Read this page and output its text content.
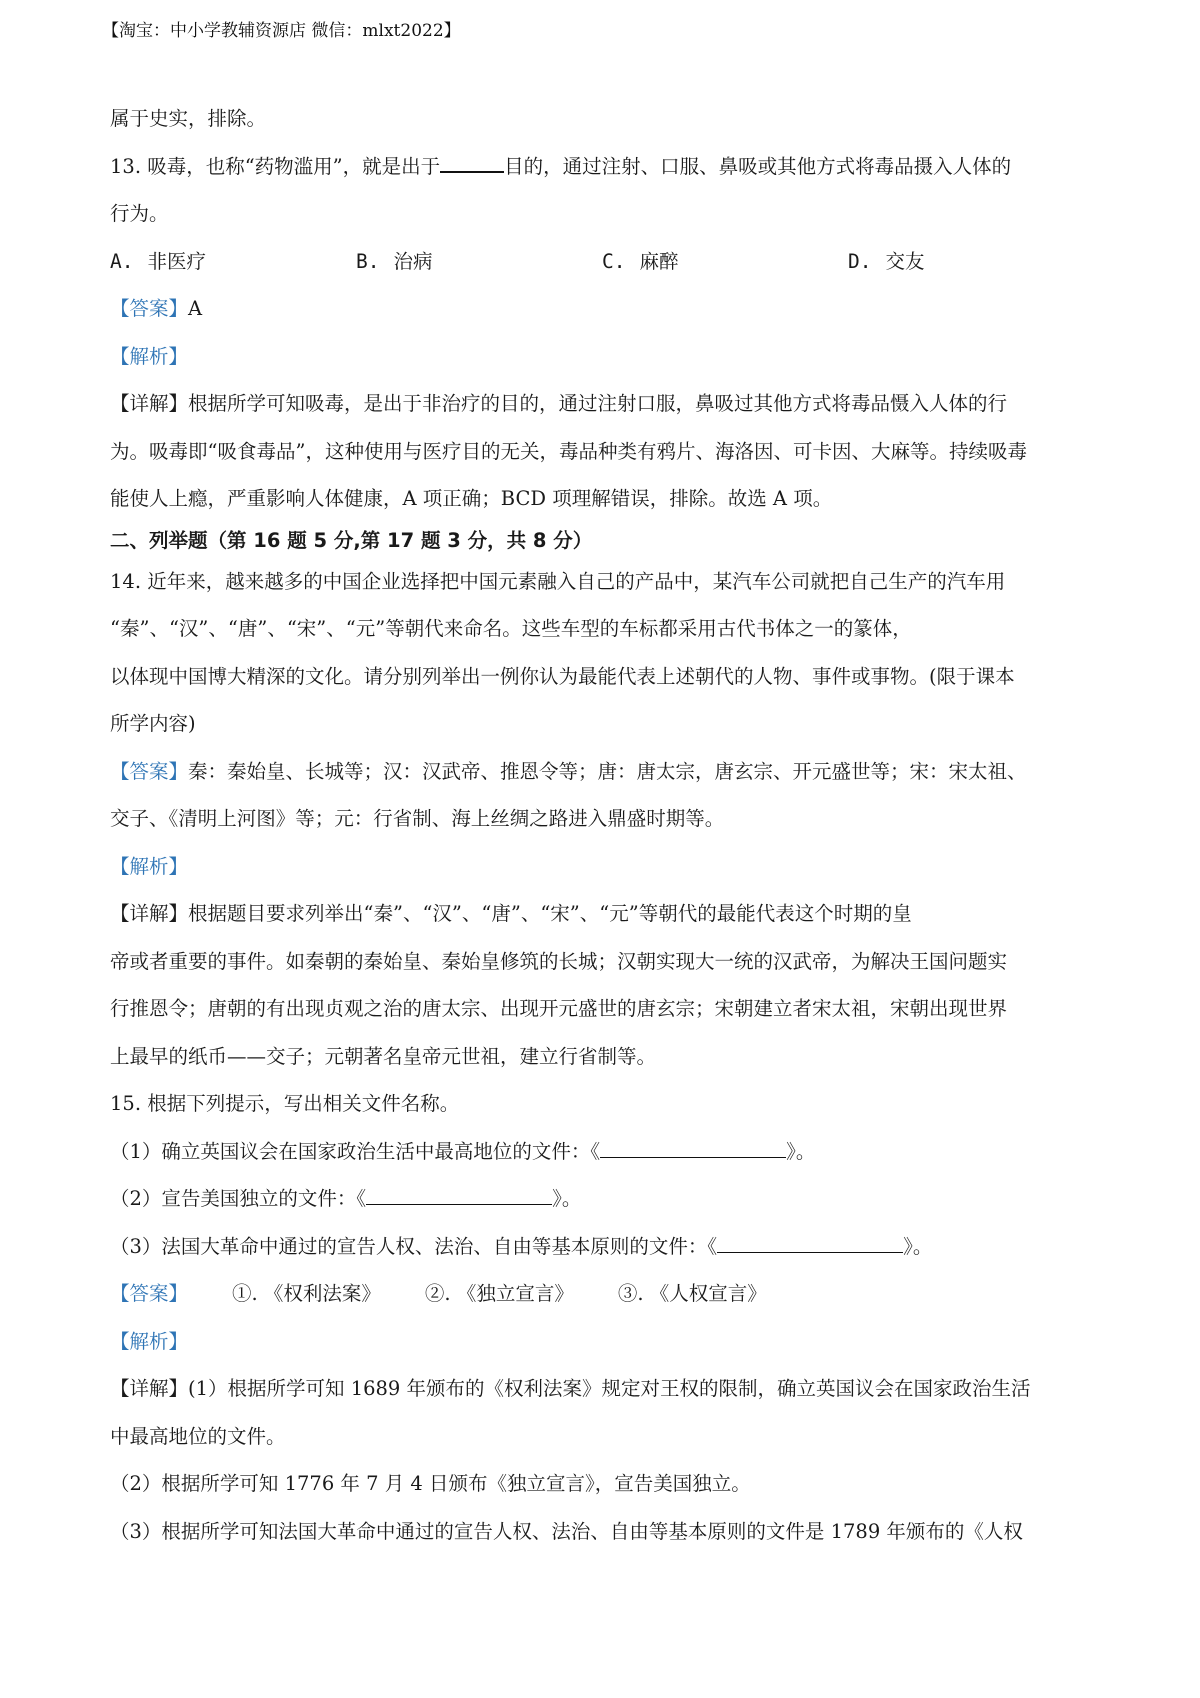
【淘宝：中小学教辅资源店 微信：mlxt2022】

属于史实，排除。

13. 吸毒，也称“药物滥用”，就是出于	目的，通过注射、口服、鼻吸或其他方式将毒品摄入人体的

行为。

A. 非医疗	B. 治病	C. 麻醉	D. 交友

【答案】A

【解析】

【详解】根据所学可知吸毒，是出于非治疗的目的，通过注射口服，鼻吸过其他方式将毒品慑入人体的行

为。吸毒即“吸食毒品”，这种使用与医疗目的无关，毒品种类有鸦片、海洛因、可卡因、大麻等。持续吸毒

能使人上瘾，严重影响人体健康，A 项正确；BCD 项理解错误，排除。故选 A 项。

二、列举题（第 16 题 5 分,第 17 题 3 分，共 8 分）

14. 近年来，越来越多的中国企业选择把中国元素融入自己的产品中，某汽车公司就把自己生产的汽车用

“秦”、“汉”、“唐”、“宋”、“元”等朝代来命名。这些车型的车标都采用古代书体之一的篆体，

以体现中国博大精深的文化。请分别列举出一例你认为最能代表上述朝代的人物、事件或事物。(限于课本

所学内容)

【答案】秦：秦始皇、长城等；汉：汉武帝、推恩令等；唐：唐太宗，唐玄宗、开元盛世等；宋：宋太祖、

交子、《清明上河图》等；元：行省制、海上丝绸之路进入鼎盛时期等。

【解析】

【详解】根据题目要求列举出“秦”、“汉”、“唐”、“宋”、“元”等朝代的最能代表这个时期的皇

帝或者重要的事件。如秦朝的秦始皇、秦始皇修筑的长城；汉朝实现大一统的汉武帝，为解决王国问题实

行推恩令；唐朝的有出现贞观之治的唐太宗、出现开元盛世的唐玄宗；宋朝建立者宋太祖，宋朝出现世界

上最早的纸币——交子；元朝著名皇帝元世祖，建立行省制等。

15. 根据下列提示，写出相关文件名称。

（1）确立英国议会在国家政治生活中最高地位的文件：《	》。

（2）宣告美国独立的文件：《	》。

（3）法国大革命中通过的宣告人权、法治、自由等基本原则的文件：《	》。

【答案】 ①. 《权利法案》 ②. 《独立宣言》 ③. 《人权宣言》

【解析】

【详解】(1）根据所学可知 1689 年颁布的《权利法案》规定对王权的限制，确立英国议会在国家政治生活

中最高地位的文件。

（2）根据所学可知 1776 年 7 月 4 日颁布《独立宣言》，宣告美国独立。

（3）根据所学可知法国大革命中通过的宣告人权、法治、自由等基本原则的文件是 1789 年颁布的《人权
